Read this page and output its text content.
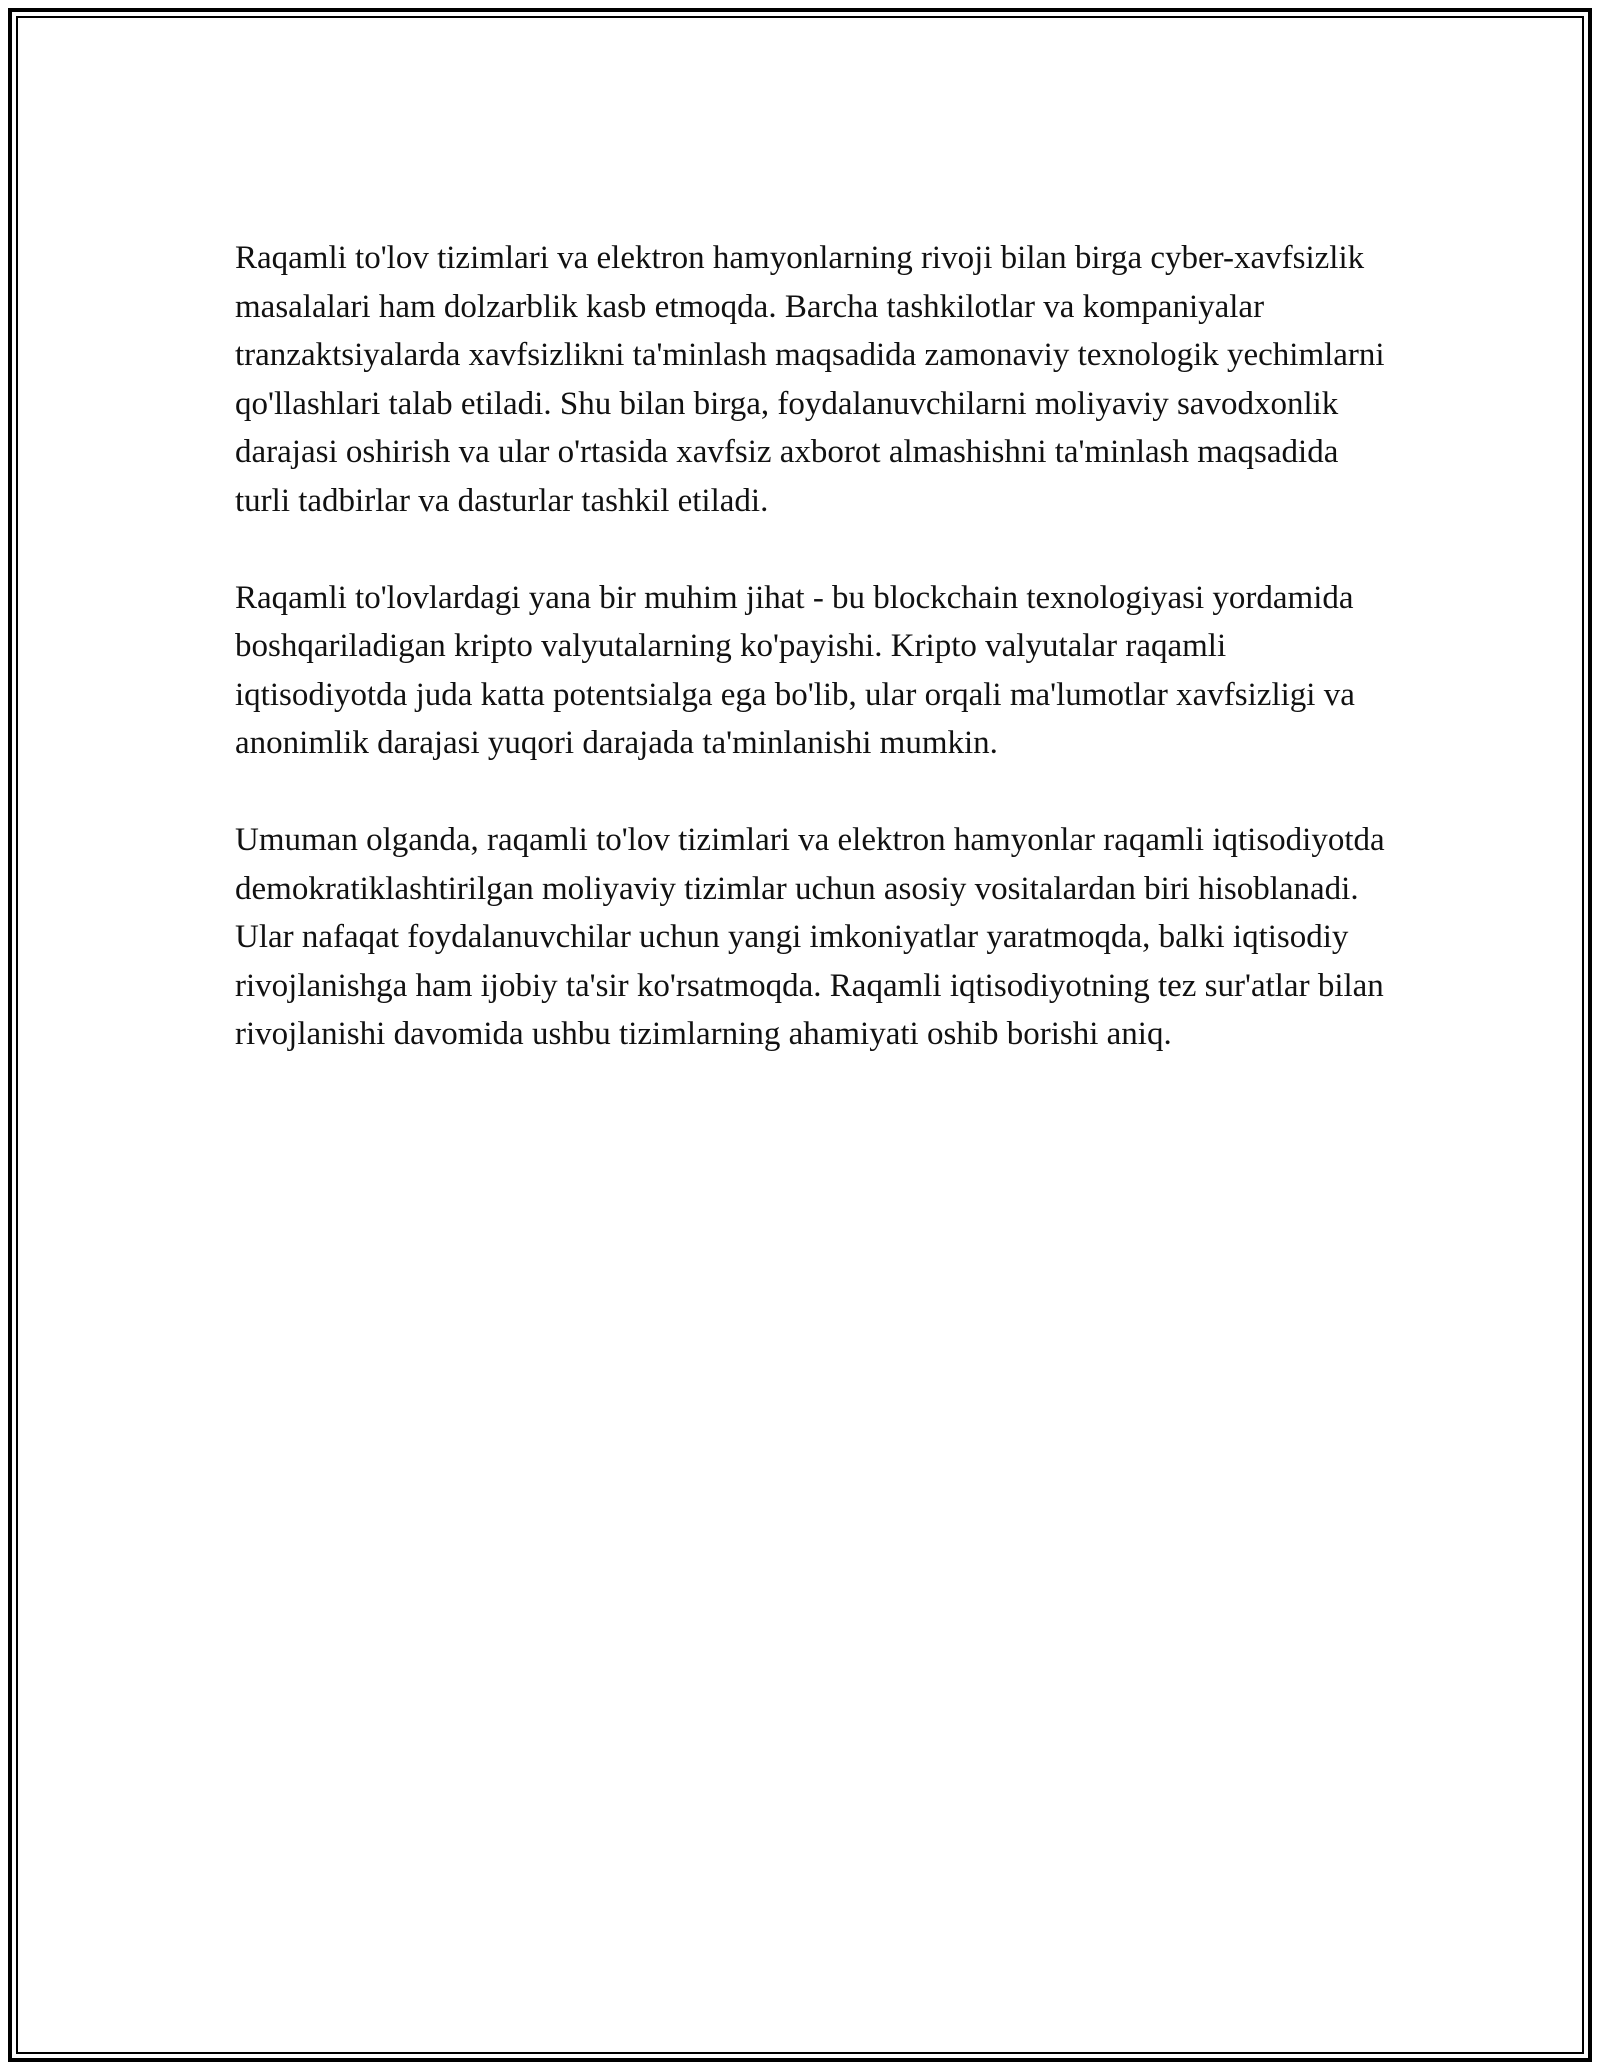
Raqamli to'lov tizimlari va elektron hamyonlarning rivoji bilan birga cyber-xavfsizlik masalalari ham dolzarblik kasb etmoqda. Barcha tashkilotlar va kompaniyalar tranzaktsiyalarda xavfsizlikni ta'minlash maqsadida zamonaviy texnologik yechimlarni qo'llashlari talab etiladi. Shu bilan birga, foydalanuvchilarni moliyaviy savodxonlik darajasi oshirish va ular o'rtasida xavfsiz axborot almashishni ta'minlash maqsadida turli tadbirlar va dasturlar tashkil etiladi.

Raqamli to'lovlardagi yana bir muhim jihat - bu blockchain texnologiyasi yordamida boshqariladigan kripto valyutalarning ko'payishi. Kripto valyutalar raqamli iqtisodiyotda juda katta potentsialga ega bo'lib, ular orqali ma'lumotlar xavfsizligi va anonimlik darajasi yuqori darajada ta'minlanishi mumkin.

Umuman olganda, raqamli to'lov tizimlari va elektron hamyonlar raqamli iqtisodiyotda demokratiklashtirilgan moliyaviy tizimlar uchun asosiy vositalardan biri hisoblanadi. Ular nafaqat foydalanuvchilar uchun yangi imkoniyatlar yaratmoqda, balki iqtisodiy rivojlanishga ham ijobiy ta'sir ko'rsatmoqda. Raqamli iqtisodiyotning tez sur'atlar bilan rivojlanishi davomida ushbu tizimlarning ahamiyati oshib borishi aniq.
